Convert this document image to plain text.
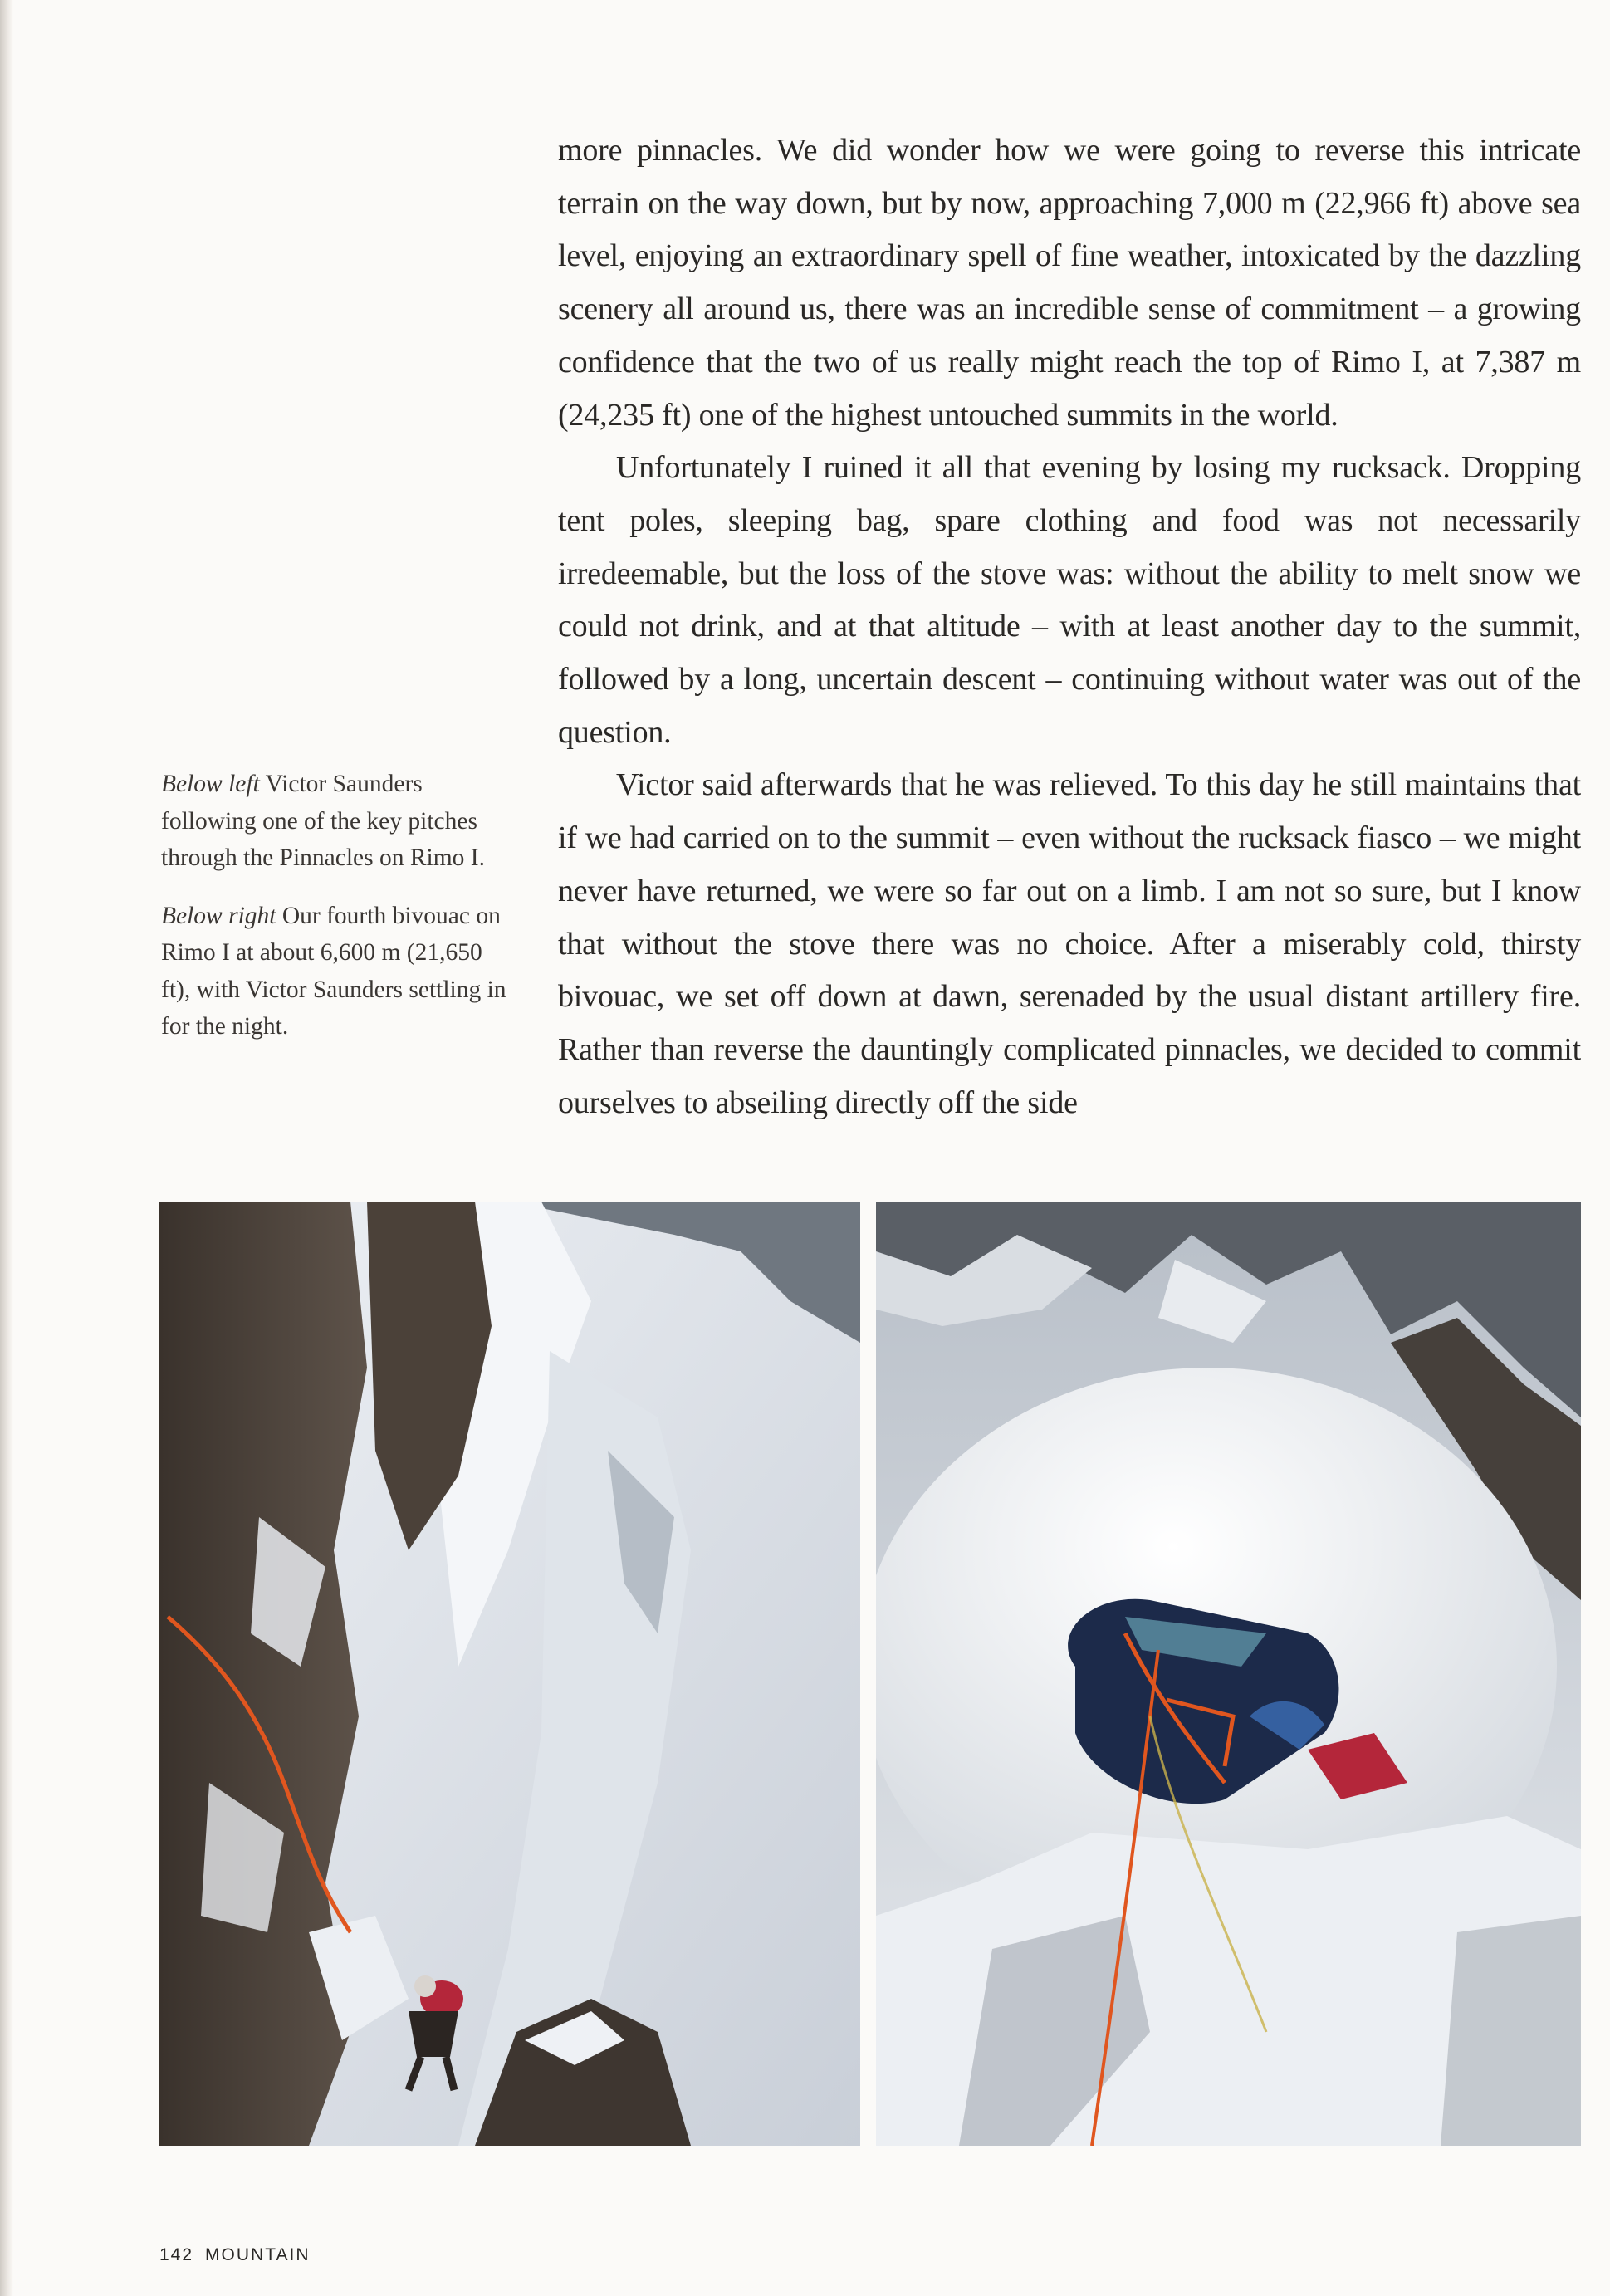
more pinnacles. We did wonder how we were going to reverse this intricate terrain on the way down, but by now, approaching 7,000 m (22,966 ft) above sea level, enjoying an extraordinary spell of fine weather, intoxicated by the dazzling scenery all around us, there was an incredible sense of commitment – a growing confidence that the two of us really might reach the top of Rimo I, at 7,387 m (24,235 ft) one of the highest untouched summits in the world.

Unfortunately I ruined it all that evening by losing my rucksack. Dropping tent poles, sleeping bag, spare clothing and food was not necessarily irredeemable, but the loss of the stove was: without the ability to melt snow we could not drink, and at that altitude – with at least another day to the summit, followed by a long, uncertain descent – continuing without water was out of the question.

Victor said afterwards that he was relieved. To this day he still maintains that if we had carried on to the summit – even without the rucksack fiasco – we might never have returned, we were so far out on a limb. I am not so sure, but I know that without the stove there was no choice. After a miserably cold, thirsty bivouac, we set off down at dawn, serenaded by the usual distant artillery fire. Rather than reverse the dauntingly complicated pinnacles, we decided to commit ourselves to abseiling directly off the side

Below left Victor Saunders following one of the key pitches through the Pinnacles on Rimo I.

Below right Our fourth bivouac on Rimo I at about 6,600 m (21,650 ft), with Victor Saunders settling in for the night.

142 MOUNTAIN
